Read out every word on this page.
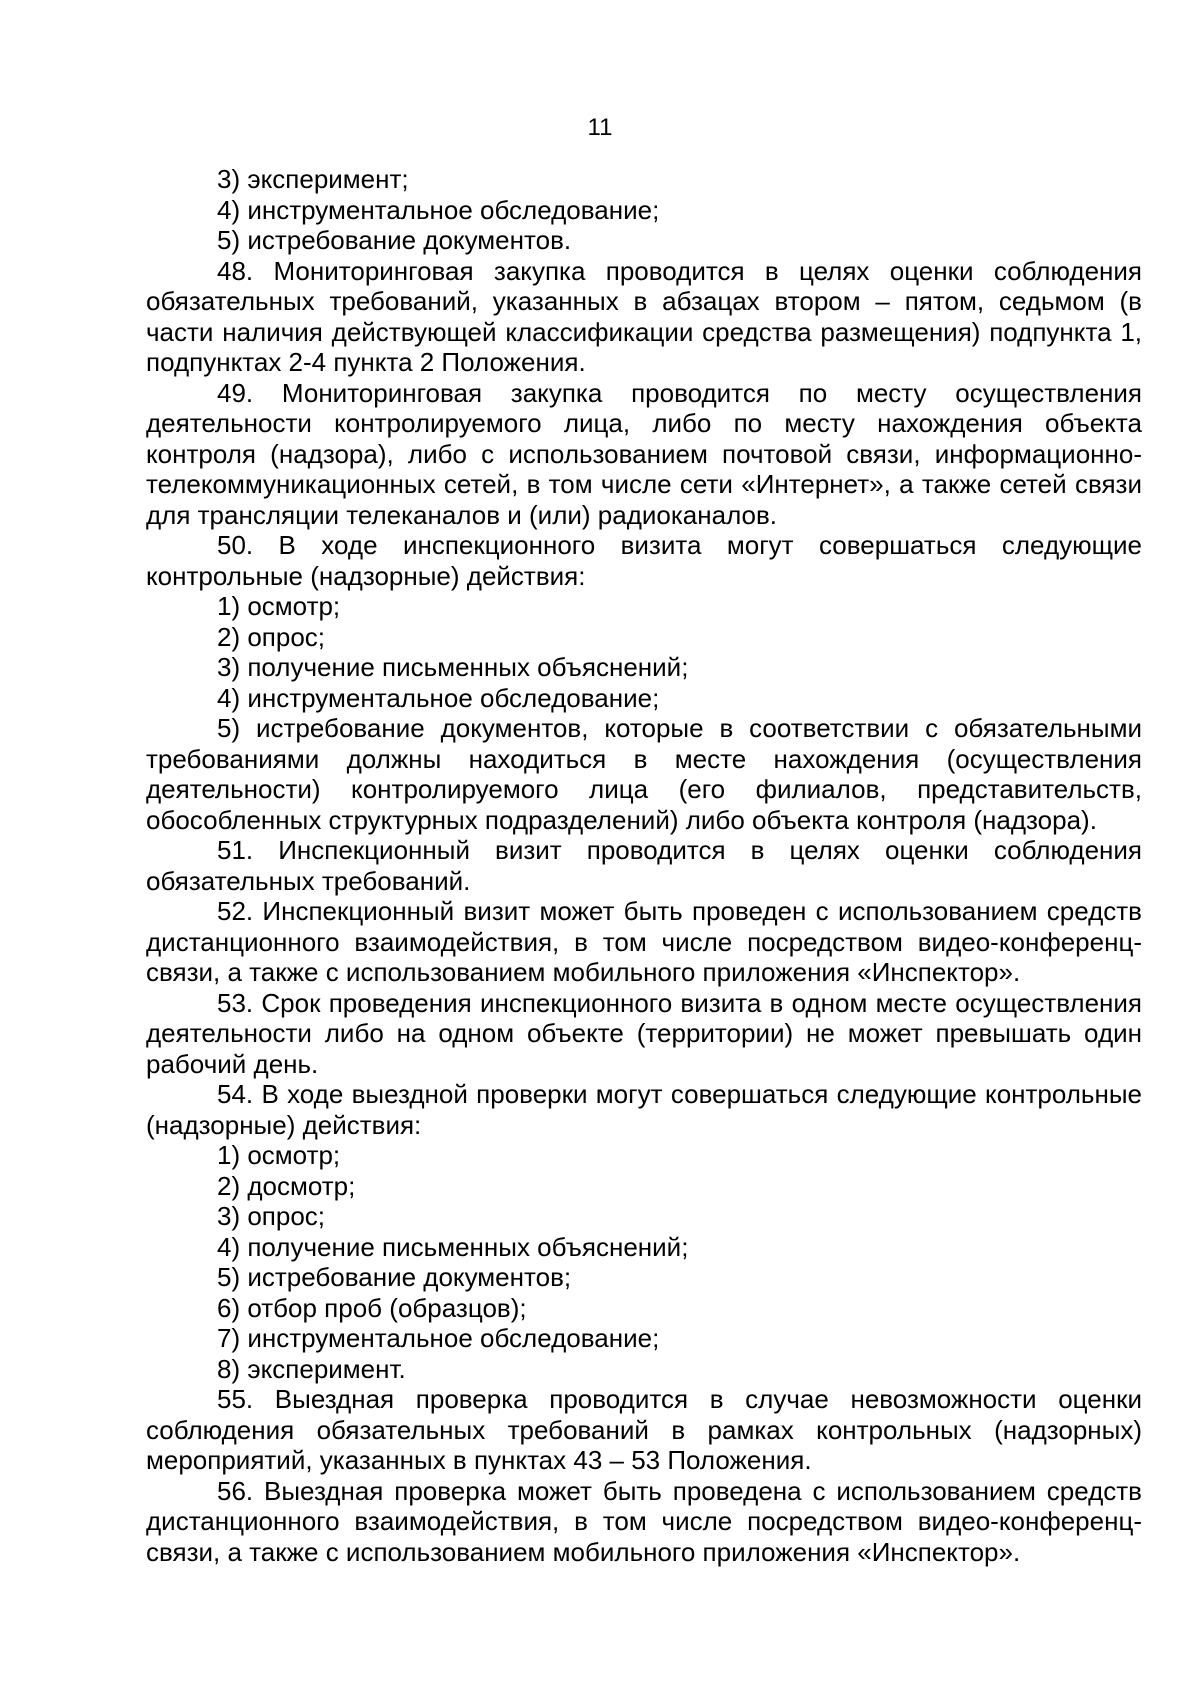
11

3) эксперимент;

4) инструментальное обследование;

5) истребование документов.

48. Мониторинговая закупка проводится в целях оценки соблюдения обязательных требований, указанных в абзацах втором – пятом, седьмом (в части наличия действующей классификации средства размещения) подпункта 1, подпунктах 2-4 пункта 2 Положения.

49. Мониторинговая закупка проводится по месту осуществления деятельности контролируемого лица, либо по месту нахождения объекта контроля (надзора), либо с использованием почтовой связи, информационно-телекоммуникационных сетей, в том числе сети «Интернет», а также сетей связи для трансляции телеканалов и (или) радиоканалов.

50. В ходе инспекционного визита могут совершаться следующие контрольные (надзорные) действия:

1) осмотр;

2) опрос;

3) получение письменных объяснений;

4) инструментальное обследование;

5) истребование документов, которые в соответствии с обязательными требованиями должны находиться в месте нахождения (осуществления деятельности) контролируемого лица (его филиалов, представительств, обособленных структурных подразделений) либо объекта контроля (надзора).

51. Инспекционный визит проводится в целях оценки соблюдения обязательных требований.

52. Инспекционный визит может быть проведен с использованием средств дистанционного взаимодействия, в том числе посредством видео-конференц-связи, а также с использованием мобильного приложения «Инспектор».

53. Срок проведения инспекционного визита в одном месте осуществления деятельности либо на одном объекте (территории) не может превышать один рабочий день.

54. В ходе выездной проверки могут совершаться следующие контрольные (надзорные) действия:

1) осмотр;

2) досмотр;

3) опрос;

4) получение письменных объяснений;

5) истребование документов;

6) отбор проб (образцов);

7) инструментальное обследование;

8) эксперимент.

55. Выездная проверка проводится в случае невозможности оценки соблюдения обязательных требований в рамках контрольных (надзорных) мероприятий, указанных в пунктах 43 – 53 Положения.

56. Выездная проверка может быть проведена с использованием средств дистанционного взаимодействия, в том числе посредством видео-конференц-связи, а также с использованием мобильного приложения «Инспектор».
